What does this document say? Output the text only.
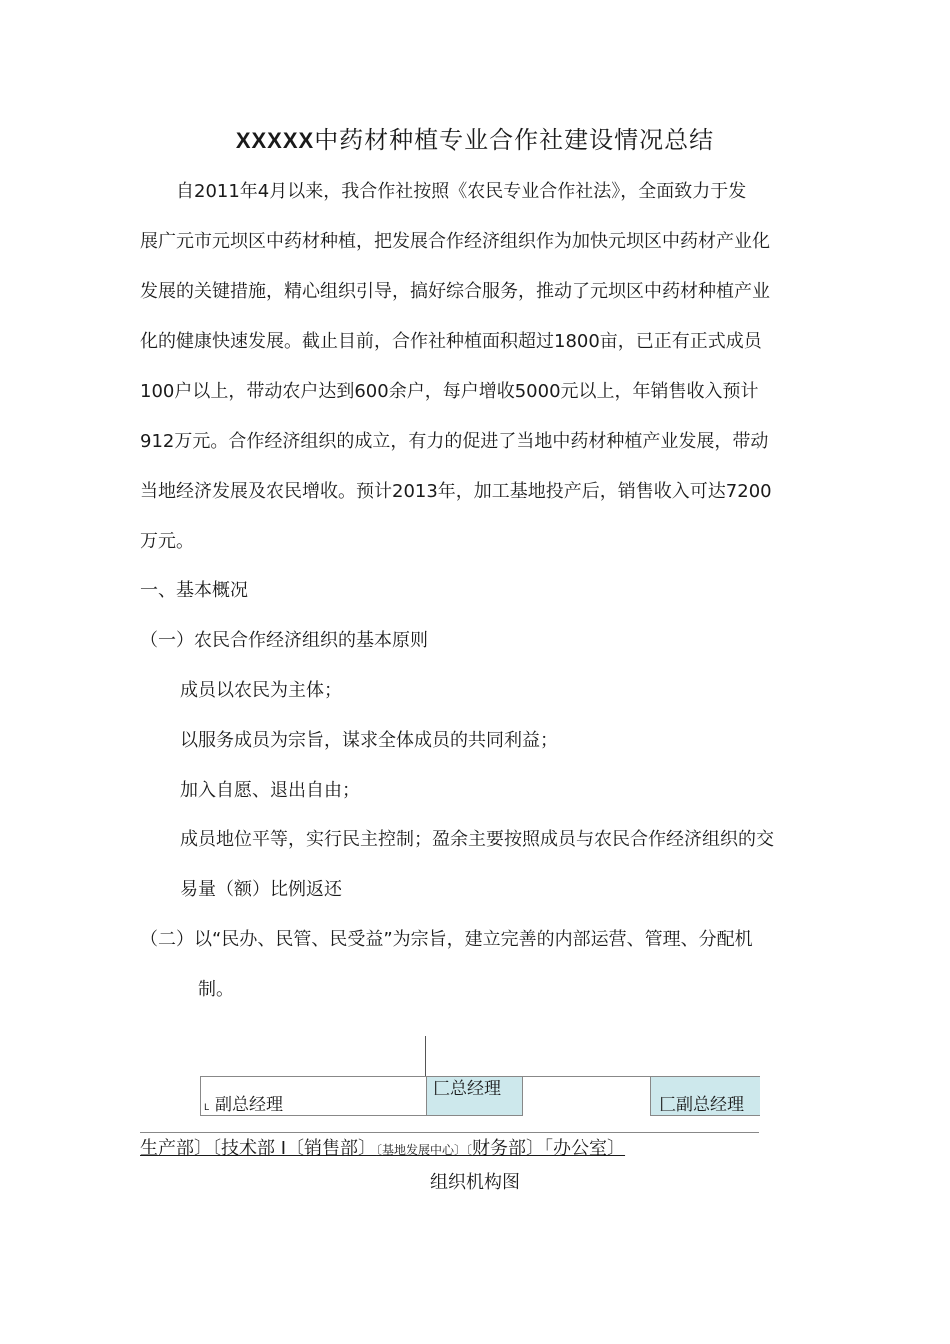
XXXXX中药材种植专业合作社建设情况总结
　　自2011年4月以来，我合作社按照《农民专业合作社法》，全面致力于发
展广元市元坝区中药材种植，把发展合作经济组织作为加快元坝区中药材产业化
发展的关键措施，精心组织引导，搞好综合服务，推动了元坝区中药材种植产业
化的健康快速发展。截止目前，合作社种植面积超过1800亩，已正有正式成员
100户以上，带动农户达到600余户，每户增收5000元以上，年销售收入预计
912万元。合作经济组织的成立，有力的促进了当地中药材种植产业发展，带动
当地经济发展及农民增收。预计2013年，加工基地投产后，销售收入可达7200
万元。
一、基本概况
（一）农民合作经济组织的基本原则
成员以农民为主体；
以服务成员为宗旨，谋求全体成员的共同利益；
加入自愿、退出自由；
成员地位平等，实行民主控制；盈余主要按照成员与农民合作经济组织的交
易量（额）比例返还
（二）以“民办、民管、民受益”为宗旨，建立完善的内部运营、管理、分配机
制。
L 副总经理
匚总经理
匚副总经理
生产部〕〔技术部 I〔销售部〕〔基地发展中心〕〔财务部〕「办公室〕
组织机构图
